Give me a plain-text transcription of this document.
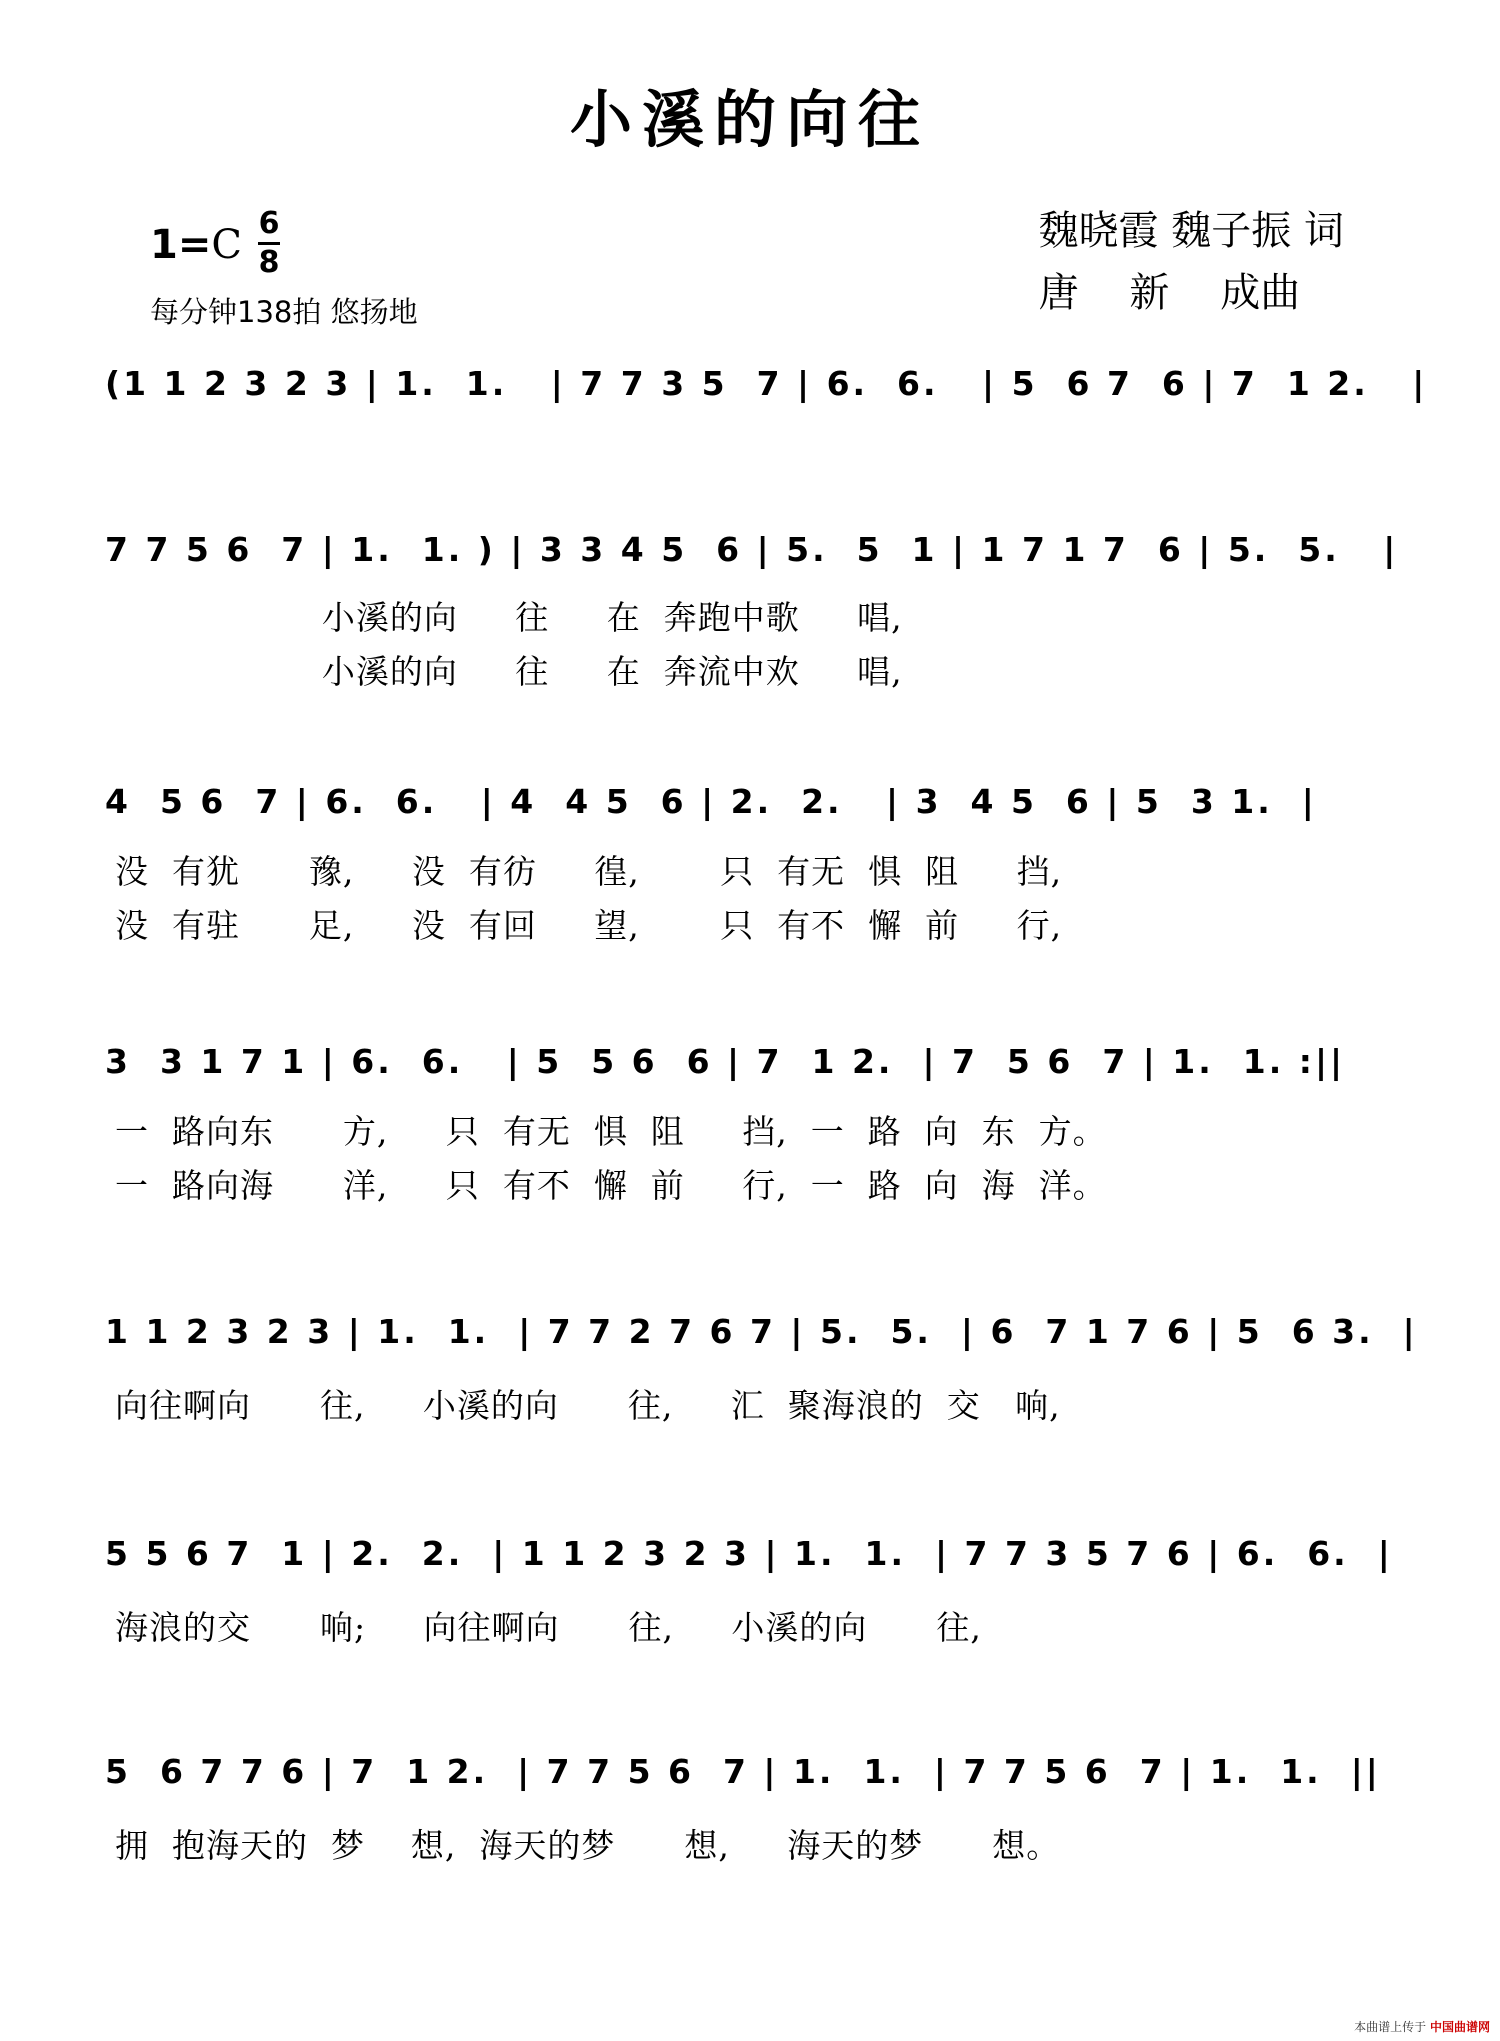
小溪的向往
1=C 6
8
每分钟138拍 悠扬地
魏晓霞 魏子振 词
唐    新    成曲
(1 1 2 3 2 3 | 1.  1.   | 7 7 3 5  7 | 6.  6.   | 5  6 7  6 | 7  1 2.   |
7 7 5 6  7 | 1.  1. ) | 3 3 4 5  6 | 5.  5  1 | 1 7 1 7  6 | 5.  5.   |
小溪的向     往     在  奔跑中歌     唱,
小溪的向     往     在  奔流中欢     唱,
4  5 6  7 | 6.  6.   | 4  4 5  6 | 2.  2.   | 3  4 5  6 | 5  3 1.  |
没  有犹      豫,     没  有彷     徨,       只  有无  惧  阻     挡,
没  有驻      足,     没  有回     望,       只  有不  懈  前     行,
3  3 1 7 1 | 6.  6.   | 5  5 6  6 | 7  1 2.  | 7  5 6  7 | 1.  1. :||
一  路向东      方,     只  有无  惧  阻     挡,  一  路  向  东  方。
一  路向海      洋,     只  有不  懈  前     行,  一  路  向  海  洋。
1 1 2 3 2 3 | 1.  1.  | 7 7 2 7 6 7 | 5.  5.  | 6  7 1 7 6 | 5  6 3.  |
向往啊向      往,     小溪的向      往,     汇  聚海浪的  交   响,
5 5 6 7  1 | 2.  2.  | 1 1 2 3 2 3 | 1.  1.  | 7 7 3 5 7 6 | 6.  6.  |
海浪的交      响;     向往啊向      往,     小溪的向      往,
5  6 7 7 6 | 7  1 2.  | 7 7 5 6  7 | 1.  1.  | 7 7 5 6  7 | 1.  1.  ||
拥  抱海天的  梦    想,  海天的梦      想,     海天的梦      想。
本曲谱上传于 中国曲谱网
